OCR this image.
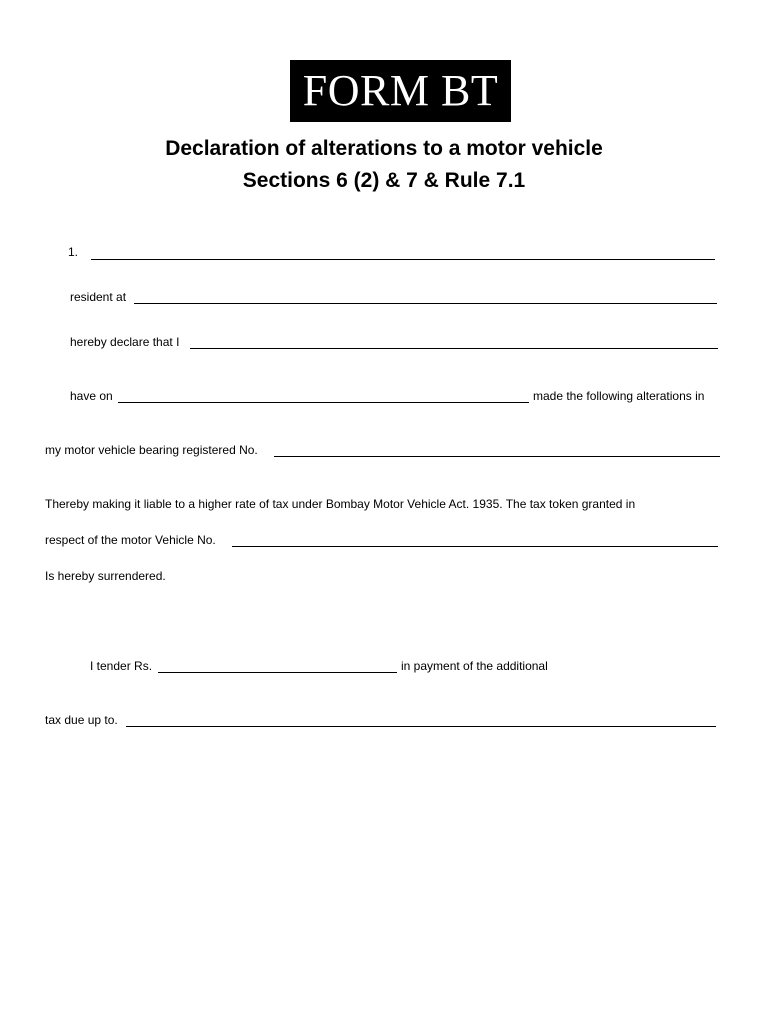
FORM BT
Declaration of alterations to a motor vehicle
Sections 6 (2) & 7 & Rule 7.1
1.
resident at
hereby declare that I
have on	made the following alterations in
my motor vehicle bearing registered No.
Thereby making it liable to a higher rate of tax under Bombay Motor Vehicle Act. 1935. The tax token granted in
respect of the motor Vehicle No.
Is hereby surrendered.
I tender Rs.	in payment of the additional
tax due up to.
